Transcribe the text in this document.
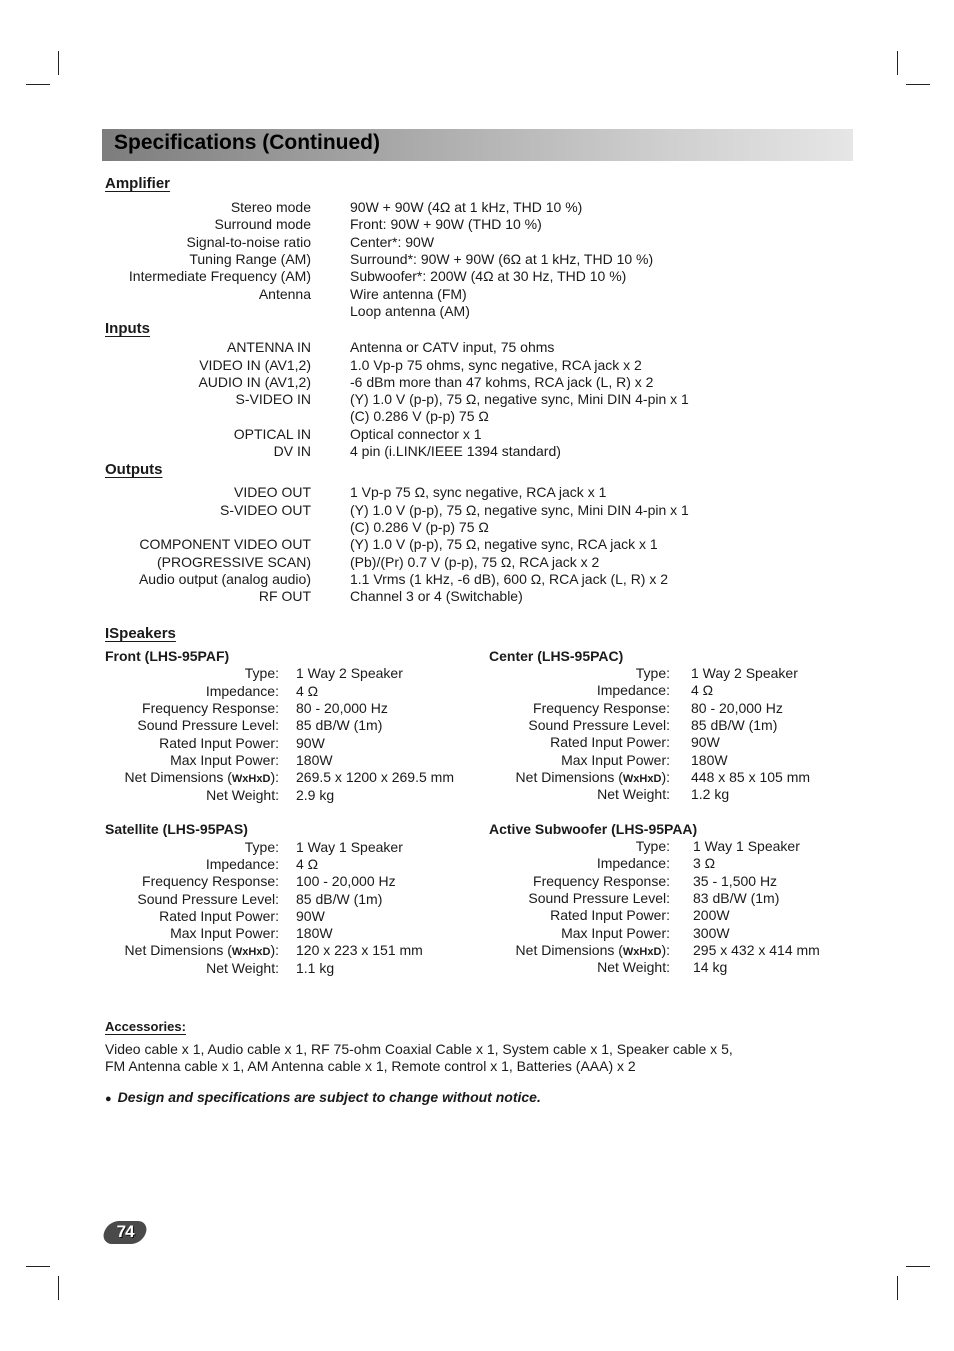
Specifications (Continued)
Amplifier
Stereo mode	90W + 90W (4Ω at 1 kHz, THD 10 %)
Surround mode	Front: 90W + 90W (THD 10 %)
Signal-to-noise ratio	Center*: 90W
Tuning Range (AM)	Surround*: 90W + 90W (6Ω at 1 kHz, THD 10 %)
Intermediate Frequency (AM)	Subwoofer*: 200W (4Ω at 30 Hz, THD 10 %)
Antenna	Wire antenna (FM)
Loop antenna (AM)
Inputs
ANTENNA IN	Antenna or CATV input, 75 ohms
VIDEO IN (AV1,2)	1.0 Vp-p 75 ohms, sync negative, RCA jack x 2
AUDIO IN (AV1,2)	-6 dBm more than 47 kohms, RCA jack (L, R) x 2
S-VIDEO IN	(Y) 1.0 V (p-p), 75 Ω, negative sync, Mini DIN 4-pin x 1
(C) 0.286 V (p-p) 75 Ω
OPTICAL IN	Optical connector x 1
DV IN	4 pin (i.LINK/IEEE 1394 standard)
Outputs
VIDEO OUT	1 Vp-p 75 Ω, sync negative, RCA jack x 1
S-VIDEO OUT	(Y) 1.0 V (p-p), 75 Ω, negative sync, Mini DIN 4-pin x 1
(C) 0.286 V (p-p) 75 Ω
COMPONENT VIDEO OUT	(Y) 1.0 V (p-p), 75 Ω, negative sync, RCA jack x 1
(PROGRESSIVE SCAN)	(Pb)/(Pr) 0.7 V (p-p), 75 Ω, RCA jack x 2
Audio output (analog audio)	1.1 Vrms (1 kHz, -6 dB), 600 Ω, RCA jack (L, R) x 2
RF OUT	Channel 3 or 4 (Switchable)
ISpeakers
Front (LHS-95PAF)
Type: 1 Way 2 Speaker
Impedance: 4 Ω
Frequency Response: 80 - 20,000 Hz
Sound Pressure Level: 85 dB/W (1m)
Rated Input Power: 90W
Max Input Power: 180W
Net Dimensions (WxHxD): 269.5 x 1200 x 269.5 mm
Net Weight: 2.9 kg
Center (LHS-95PAC)
Type: 1 Way 2 Speaker
Impedance: 4 Ω
Frequency Response: 80 - 20,000 Hz
Sound Pressure Level: 85 dB/W (1m)
Rated Input Power: 90W
Max Input Power: 180W
Net Dimensions (WxHxD): 448 x 85 x 105 mm
Net Weight: 1.2 kg
Satellite (LHS-95PAS)
Type: 1 Way 1 Speaker
Impedance: 4 Ω
Frequency Response: 100 - 20,000 Hz
Sound Pressure Level: 85 dB/W (1m)
Rated Input Power: 90W
Max Input Power: 180W
Net Dimensions (WxHxD): 120 x 223 x 151 mm
Net Weight: 1.1 kg
Active Subwoofer (LHS-95PAA)
Type: 1 Way 1 Speaker
Impedance: 3 Ω
Frequency Response: 35 - 1,500 Hz
Sound Pressure Level: 83 dB/W (1m)
Rated Input Power: 200W
Max Input Power: 300W
Net Dimensions (WxHxD): 295 x 432 x 414 mm
Net Weight: 14 kg
Accessories:
Video cable x 1, Audio cable x 1, RF 75-ohm Coaxial Cable x 1, System cable x 1, Speaker cable x 5,
FM Antenna cable x 1, AM Antenna cable x 1, Remote control x 1, Batteries (AAA) x 2
● Design and specifications are subject to change without notice.
74
